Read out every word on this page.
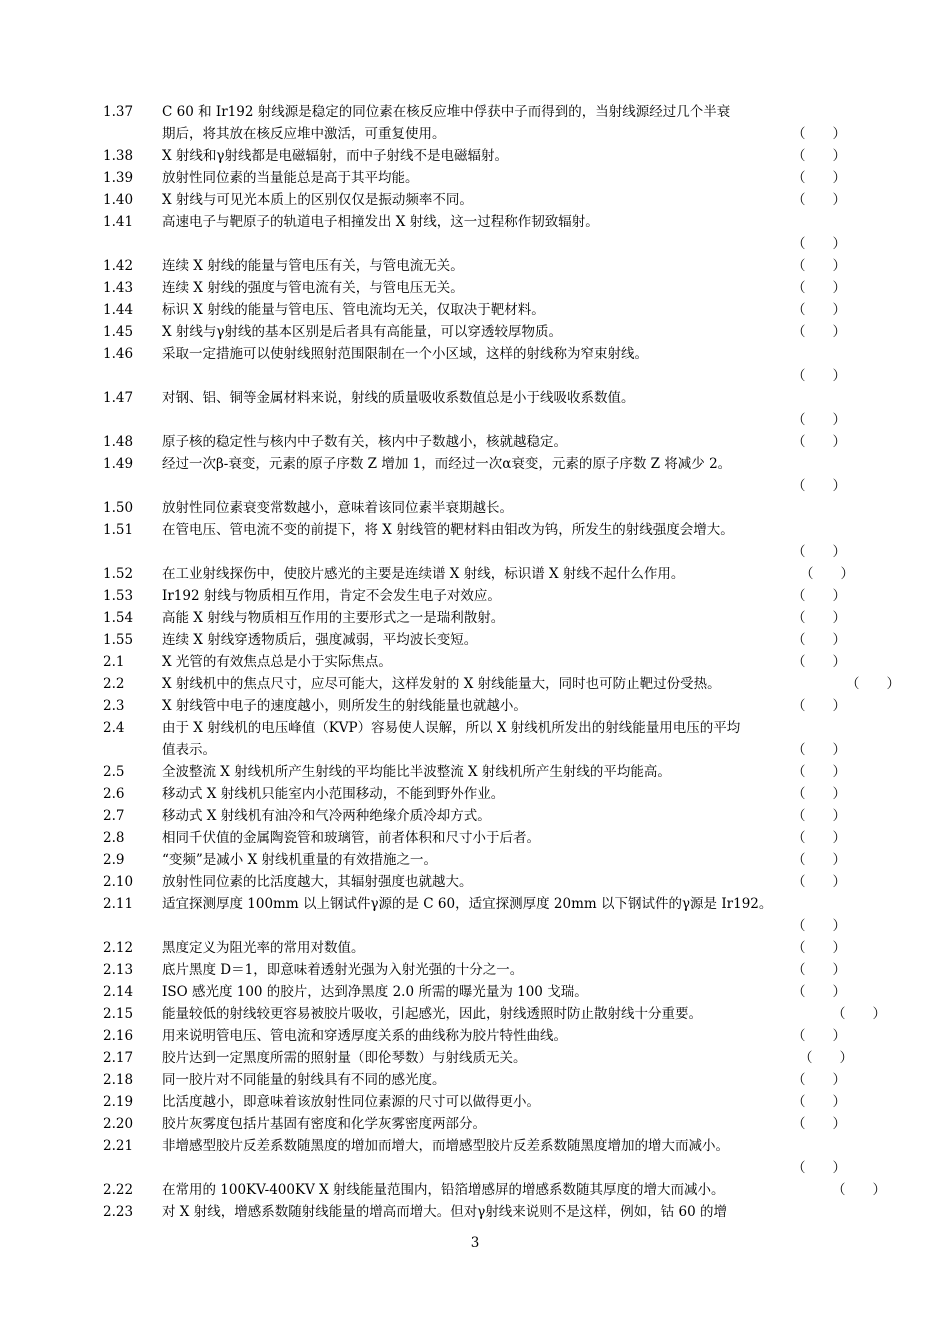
1.37 C 60 和 Ir192 射线源是稳定的同位素在核反应堆中俘获中子而得到的，当射线源经过几个半衰
期后，将其放在核反应堆中激活，可重复使用。	（ ）
1.38 X 射线和γ射线都是电磁辐射，而中子射线不是电磁辐射。	（ ）
1.39 放射性同位素的当量能总是高于其平均能。	（ ）
1.40 X 射线与可见光本质上的区别仅仅是振动频率不同。	（ ）
1.41 高速电子与靶原子的轨道电子相撞发出 X 射线，这一过程称作韧致辐射。
（ ）
1.42 连续 X 射线的能量与管电压有关，与管电流无关。	（ ）
1.43 连续 X 射线的强度与管电流有关，与管电压无关。	（ ）
1.44 标识 X 射线的能量与管电压、管电流均无关，仅取决于靶材料。	（ ）
1.45 X 射线与γ射线的基本区别是后者具有高能量，可以穿透较厚物质。	（ ）
1.46 采取一定措施可以使射线照射范围限制在一个小区域，这样的射线称为窄束射线。
（ ）
1.47 对钢、铝、铜等金属材料来说，射线的质量吸收系数值总是小于线吸收系数值。
（ ）
1.48 原子核的稳定性与核内中子数有关，核内中子数越小，核就越稳定。	（ ）
1.49 经过一次β-衰变，元素的原子序数 Z 增加 1，而经过一次α衰变，元素的原子序数 Z 将减少 2。
（ ）
1.50 放射性同位素衰变常数越小，意味着该同位素半衰期越长。
1.51 在管电压、管电流不变的前提下，将 X 射线管的靶材料由钼改为钨，所发生的射线强度会增大。
（ ）
1.52 在工业射线探伤中，使胶片感光的主要是连续谱 X 射线，标识谱 X 射线不起什么作用。	（ ）
1.53 Ir192 射线与物质相互作用，肯定不会发生电子对效应。	（ ）
1.54 高能 X 射线与物质相互作用的主要形式之一是瑞利散射。	（ ）
1.55 连续 X 射线穿透物质后，强度减弱，平均波长变短。	（ ）
2.1	X 光管的有效焦点总是小于实际焦点。	（ ）
2.2	X 射线机中的焦点尺寸，应尽可能大，这样发射的 X 射线能量大，同时也可防止靶过份受热。	（ ）
2.3	X 射线管中电子的速度越小，则所发生的射线能量也就越小。	（ ）
2.4	由于 X 射线机的电压峰值（KVP）容易使人误解，所以 X 射线机所发出的射线能量用电压的平均
值表示。	（ ）
2.5	全波整流 X 射线机所产生射线的平均能比半波整流 X 射线机所产生射线的平均能高。	（ ）
2.6	移动式 X 射线机只能室内小范围移动，不能到野外作业。	（ ）
2.7	移动式 X 射线机有油冷和气冷两种绝缘介质冷却方式。	（ ）
2.8	相同千伏值的金属陶瓷管和玻璃管，前者体积和尺寸小于后者。	（ ）
2.9	“变频”是减小 X 射线机重量的有效措施之一。	（ ）
2.10 放射性同位素的比活度越大，其辐射强度也就越大。	（ ）
2.11 适宜探测厚度 100mm 以上钢试件γ源的是 C 60，适宜探测厚度 20mm 以下钢试件的γ源是 Ir192。
（ ）
2.12 黑度定义为阻光率的常用对数值。	（ ）
2.13 底片黑度 D＝1，即意味着透射光强为入射光强的十分之一。	（ ）
2.14 ISO 感光度 100 的胶片，达到净黑度 2.0 所需的曝光量为 100 戈瑞。	（ ）
2.15 能量较低的射线较更容易被胶片吸收，引起感光，因此，射线透照时防止散射线十分重要。	（ ）
2.16 用来说明管电压、管电流和穿透厚度关系的曲线称为胶片特性曲线。	（ ）
2.17 胶片达到一定黑度所需的照射量（即伦琴数）与射线质无关。	（ ）
2.18 同一胶片对不同能量的射线具有不同的感光度。	（ ）
2.19 比活度越小，即意味着该放射性同位素源的尺寸可以做得更小。	（ ）
2.20 胶片灰雾度包括片基固有密度和化学灰雾密度两部分。	（ ）
2.21 非增感型胶片反差系数随黑度的增加而增大，而增感型胶片反差系数随黑度增加的增大而减小。
（ ）
2.22 在常用的 100KV-400KV X 射线能量范围内，铅箔增感屏的增感系数随其厚度的增大而减小。	（ ）
2.23 对 X 射线，增感系数随射线能量的增高而增大。但对γ射线来说则不是这样，例如，钴 60 的增
3
